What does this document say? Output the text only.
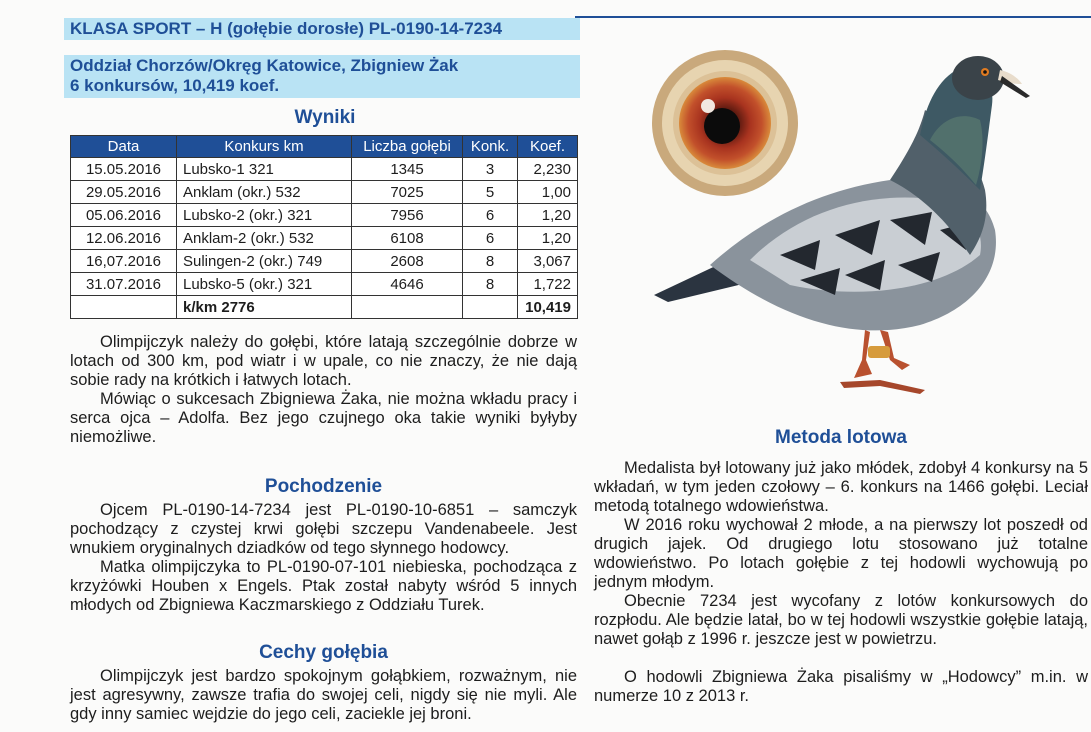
KLASA SPORT – H (gołębie dorosłe) PL-0190-14-7234
Oddział Chorzów/Okręg Katowice, Zbigniew Żak
6 konkursów, 10,419 koef.
Wyniki
Data	Konkurs km	Liczba gołębi	Konk.	Koef.
15.05.2016	Lubsko-1 321	1345	3	2,230
29.05.2016	Anklam (okr.) 532	7025	5	1,00
05.06.2016	Lubsko-2 (okr.) 321	7956	6	1,20
12.06.2016	Anklam-2 (okr.) 532	6108	6	1,20
16,07.2016	Sulingen-2 (okr.) 749	2608	8	3,067
31.07.2016	Lubsko-5 (okr.) 321	4646	8	1,722
	k/km 2776			10,419

Olimpijczyk należy do gołębi, które latają szczególnie dobrze w lotach od 300 km, pod wiatr i w upale, co nie znaczy, że nie dają sobie rady na krótkich i łatwych lotach.

Mówiąc o sukcesach Zbigniewa Żaka, nie można wkładu pracy i serca ojca – Adolfa. Bez jego czujnego oka takie wyniki byłyby niemożliwe.

Pochodzenie

Ojcem PL-0190-14-7234 jest PL-0190-10-6851 – samczyk pochodzący z czystej krwi gołębi szczepu Vandenabeele. Jest wnukiem oryginalnych dziadków od tego słynnego hodowcy.

Matka olimpijczyka to PL-0190-07-101 niebieska, pochodząca z krzyżówki Houben x Engels. Ptak został nabyty wśród 5 innych młodych od Zbigniewa Kaczmarskiego z Oddziału Turek.

Cechy gołębia

Olimpijczyk jest bardzo spokojnym gołąbkiem, rozważnym, nie jest agresywny, zawsze trafia do swojej celi, nigdy się nie myli. Ale gdy inny samiec wejdzie do jego celi, zaciekle jej broni.

Metoda lotowa

Medalista był lotowany już jako młódek, zdobył 4 konkursy na 5 wkładań, w tym jeden czołowy – 6. konkurs na 1466 gołębi. Leciał metodą totalnego wdowieństwa.

W 2016 roku wychował 2 młode, a na pierwszy lot poszedł od drugich jajek. Od drugiego lotu stosowano już totalne wdowieństwo. Po lotach gołębie z tej hodowli wychowują po jednym młodym.

Obecnie 7234 jest wycofany z lotów konkursowych do rozpłodu. Ale będzie latał, bo w tej hodowli wszystkie gołębie latają, nawet gołąb z 1996 r. jeszcze jest w powietrzu.

O hodowli Zbigniewa Żaka pisaliśmy w „Hodowcy” m.in. w numerze 10 z 2013 r.
